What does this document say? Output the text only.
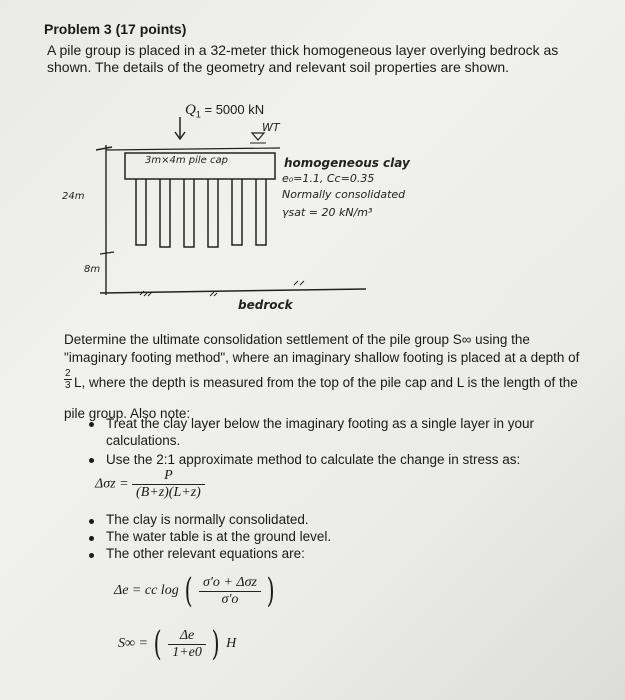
Problem 3 (17 points)
A pile group is placed in a 32-meter thick homogeneous layer overlying bedrock as shown. The details of the geometry and relevant soil properties are shown.
$Q_1 = 5000$ kN
WT
3m×4m pile cap
24m
8m
homogeneous clay
e₀=1.1, Cc=0.35
Normally consolidated
γsat = 20 kN/m³
bedrock
Determine the ultimate consolidation settlement of the pile group S∞ using the
"imaginary footing method", where an imaginary shallow footing is placed at a depth of
2
3 L, where the depth is measured from the top of the pile cap and L is the length of the
pile group. Also note:
Treat the clay layer below the imaginary footing as a single layer in your calculations.
Use the 2:1 approximate method to calculate the change in stress as:
$\Delta\sigma z = \frac{P}{(B+z)(L+z)}$
The clay is normally consolidated.
The water table is at the ground level.
The other relevant equations are:
Δe = cc log ( $\frac{\text{σ′o + Δσz}}{\sigma'o}$ )
S∞ = ( $\frac{\Delta e}{1+e0}$ ) H
